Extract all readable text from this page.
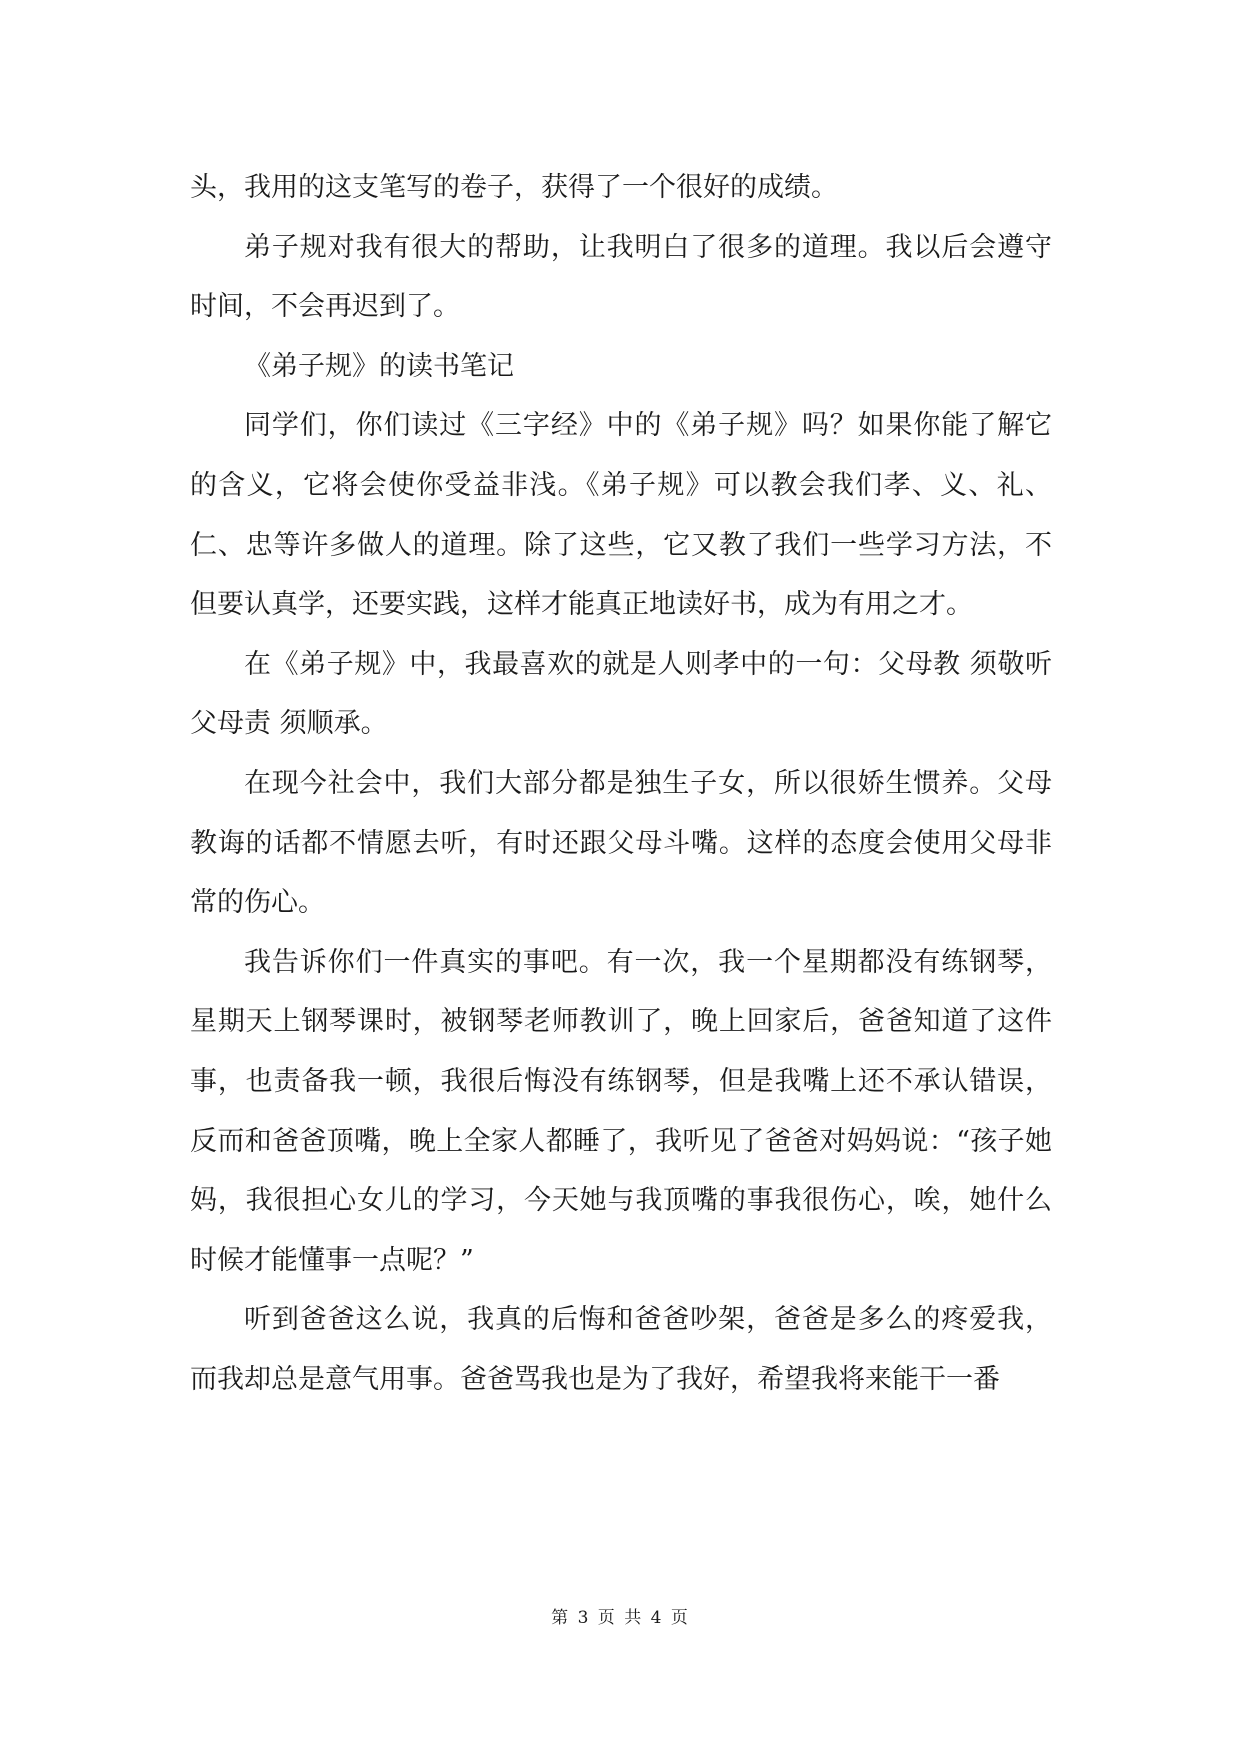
头，我用的这支笔写的卷子，获得了一个很好的成绩。

弟子规对我有很大的帮助，让我明白了很多的道理。我以后会遵守时间，不会再迟到了。

《弟子规》的读书笔记

同学们，你们读过《三字经》中的《弟子规》吗？如果你能了解它的含义，它将会使你受益非浅。《弟子规》可以教会我们孝、义、礼、仁、忠等许多做人的道理。除了这些，它又教了我们一些学习方法，不但要认真学，还要实践，这样才能真正地读好书，成为有用之才。

在《弟子规》中，我最喜欢的就是人则孝中的一句：父母教 须敬听 父母责 须顺承。

在现今社会中，我们大部分都是独生子女，所以很娇生惯养。父母教诲的话都不情愿去听，有时还跟父母斗嘴。这样的态度会使用父母非常的伤心。

我告诉你们一件真实的事吧。有一次，我一个星期都没有练钢琴，星期天上钢琴课时，被钢琴老师教训了，晚上回家后，爸爸知道了这件事，也责备我一顿，我很后悔没有练钢琴，但是我嘴上还不承认错误，反而和爸爸顶嘴，晚上全家人都睡了，我听见了爸爸对妈妈说：“孩子她妈，我很担心女儿的学习，今天她与我顶嘴的事我很伤心，唉，她什么时候才能懂事一点呢？”

听到爸爸这么说，我真的后悔和爸爸吵架，爸爸是多么的疼爱我，而我却总是意气用事。爸爸骂我也是为了我好，希望我将来能干一番

第 3 页 共 4 页
